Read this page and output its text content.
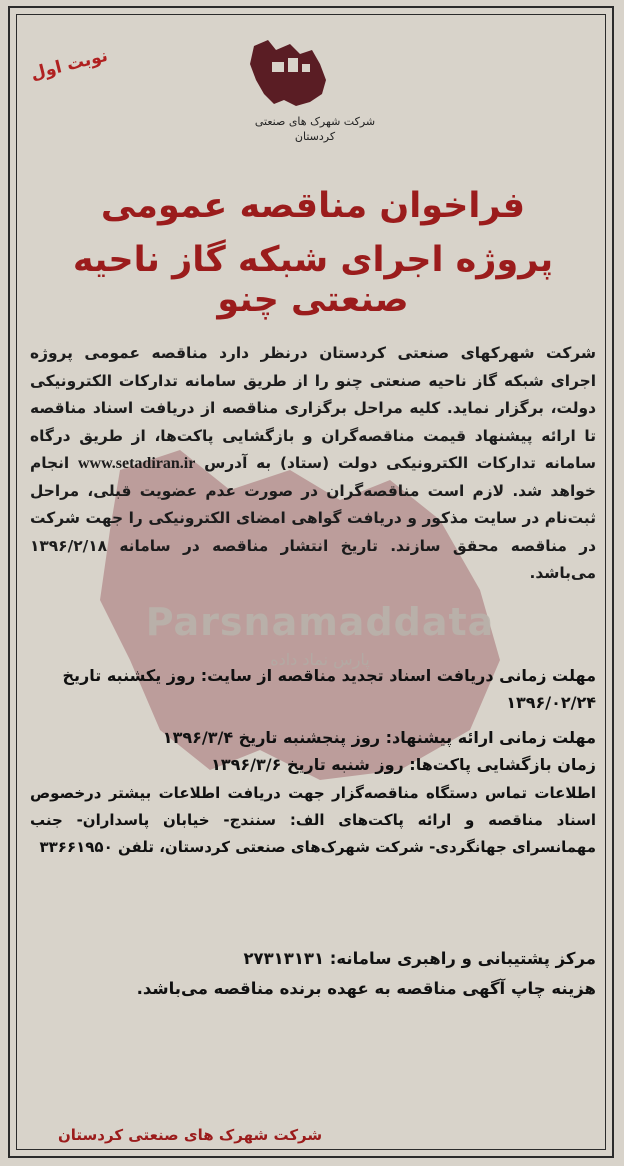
Parsnamaddata
پارس نماد داده
نوبت اول
شرکت شهرک های صنعتی
کردستان
فراخوان مناقصه عمومی
پروژه اجرای شبکه گاز ناحیه صنعتی چنو

شرکت شهرکهای صنعتی کردستان درنظر دارد مناقصه عمومی پروژه اجرای شبکه گاز ناحیه صنعتی چنو را از طریق سامانه تدارکات الکترونیکی دولت، برگزار نماید. کلیه مراحل برگزاری مناقصه از دریافت اسناد مناقصه تا ارائه پیشنهاد قیمت مناقصه‌گران و بازگشایی پاکت‌ها، از طریق درگاه سامانه تدارکات الکترونیکی دولت (ستاد) به آدرس www.setadiran.ir انجام خواهد شد. لازم است مناقصه‌گران در صورت عدم عضویت قبلی، مراحل ثبت‌نام در سایت مذکور و دریافت گواهی امضای الکترونیکی را جهت شرکت در مناقصه محقق سازند. تاریخ انتشار مناقصه در سامانه ۱۳۹۶/۲/۱۸ می‌باشد.

مهلت زمانی دریافت اسناد تجدید مناقصه از سایت: روز یکشنبه تاریخ ۱۳۹۶/۰۲/۲۴
مهلت زمانی ارائه پیشنهاد: روز پنجشنبه تاریخ ۱۳۹۶/۳/۴
زمان بازگشایی پاکت‌ها: روز شنبه تاریخ ۱۳۹۶/۳/۶
اطلاعات تماس دستگاه مناقصه‌گزار جهت دریافت اطلاعات بیشتر درخصوص اسناد مناقصه و ارائه پاکت‌های الف: سنندج- خیابان پاسداران- جنب مهمانسرای جهانگردی- شرکت شهرک‌های صنعتی کردستان، تلفن ۳۳۶۶۱۹۵۰
مرکز پشتیبانی و راهبری سامانه: ۲۷۳۱۳۱۳۱
هزینه چاپ آگهی مناقصه به عهده برنده مناقصه می‌باشد.
شرکت شهرک های صنعتی کردستان
